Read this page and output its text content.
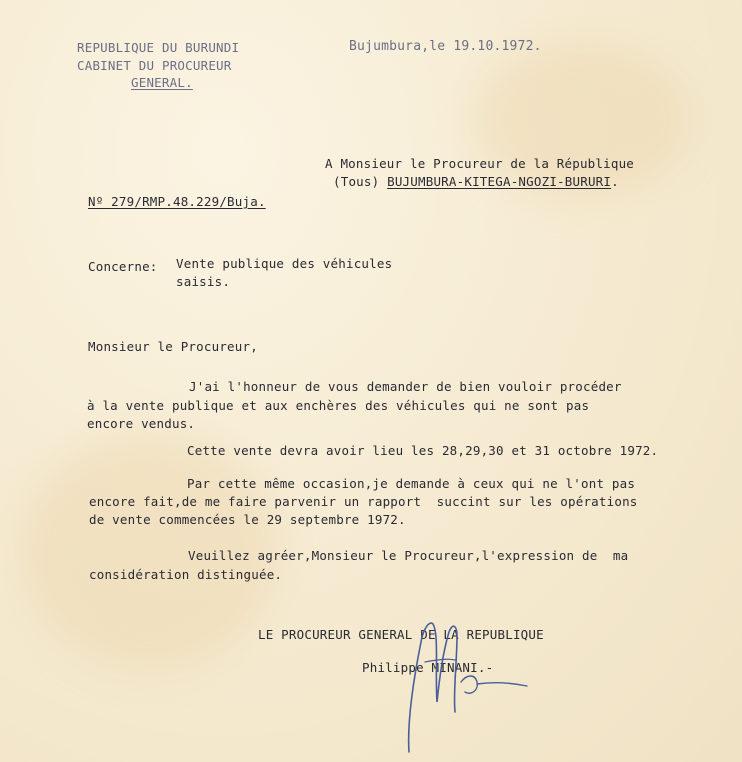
REPUBLIQUE DU BURUNDI
CABINET DU PROCUREUR
GENERAL.
Bujumbura,le 19.10.1972.
A Monsieur le Procureur de la République
(Tous) BUJUMBURA-KITEGA-NGOZI-BURURI.
Nº 279/RMP.48.229/Buja.
Concerne: Vente publique des véhicules
saisis.
Monsieur le Procureur,
J'ai l'honneur de vous demander de bien vouloir procéder
à la vente publique et aux enchères des véhicules qui ne sont pas
encore vendus.
Cette vente devra avoir lieu les 28,29,30 et 31 octobre 1972.
Par cette même occasion,je demande à ceux qui ne l'ont pas
encore fait,de me faire parvenir un rapport  succint sur les opérations
de vente commencées le 29 septembre 1972.
Veuillez agréer,Monsieur le Procureur,l'expression de  ma
considération distinguée.
LE PROCUREUR GENERAL DE LA REPUBLIQUE
Philippe MINANI.-
